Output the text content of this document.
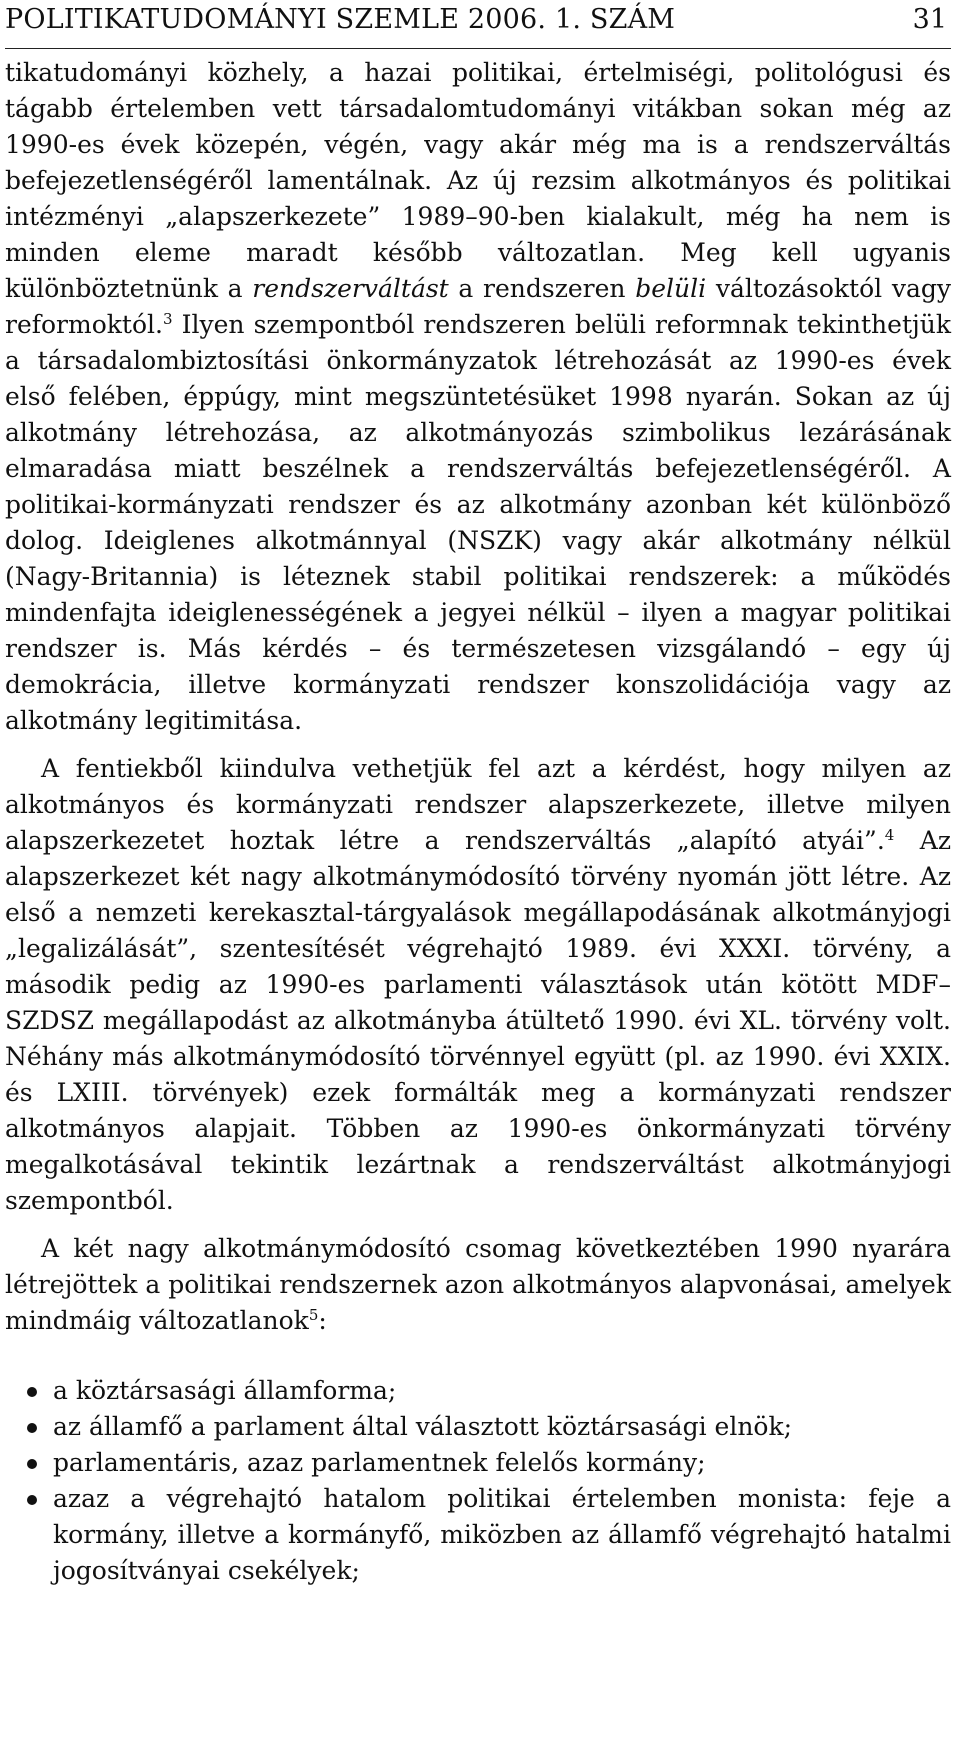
POLITIKATUDOMÁNYI SZEMLE 2006. 1. SZÁM	31

tikatudományi közhely, a hazai politikai, értelmiségi, politológusi és tágabb értelemben vett társadalomtudományi vitákban sokan még az 1990-es évek közepén, végén, vagy akár még ma is a rendszerváltás befejezetlenségéről lamentálnak. Az új rezsim alkotmányos és politikai intézményi „alapszerkezete” 1989–90-ben kialakult, még ha nem is minden eleme maradt később változatlan. Meg kell ugyanis különböztetnünk a rendszerváltást a rendszeren belüli változásoktól vagy reformoktól.$^3$ Ilyen szempontból rendszeren belüli reformnak tekinthetjük a társadalombiztosítási önkormányzatok létrehozását az 1990-es évek első felében, éppúgy, mint megszüntetésüket 1998 nyarán. Sokan az új alkotmány létrehozása, az alkotmányozás szimbolikus lezárásának elmaradása miatt beszélnek a rendszerváltás befejezetlenségéről. A politikai-kormányzati rendszer és az alkotmány azonban két különböző dolog. Ideiglenes alkotmánnyal (NSZK) vagy akár alkotmány nélkül (Nagy-Britannia) is léteznek stabil politikai rendszerek: a működés mindenfajta ideiglenességének a jegyei nélkül – ilyen a magyar politikai rendszer is. Más kérdés – és természetesen vizsgálandó – egy új demokrácia, illetve kormányzati rendszer konszolidációja vagy az alkotmány legitimitása.

A fentiekből kiindulva vethetjük fel azt a kérdést, hogy milyen az alkotmányos és kormányzati rendszer alapszerkezete, illetve milyen alapszerkezetet hoztak létre a rendszerváltás „alapító atyái”.$^4$ Az alapszerkezet két nagy alkotmánymódosító törvény nyomán jött létre. Az első a nemzeti kerekasztal-tárgyalások megállapodásának alkotmányjogi „legalizálását”, szentesítését végrehajtó 1989. évi XXXI. törvény, a második pedig az 1990-es parlamenti választások után kötött MDF–SZDSZ megállapodást az alkotmányba átültető 1990. évi XL. törvény volt. Néhány más alkotmánymódosító törvénnyel együtt (pl. az 1990. évi XXIX. és LXIII. törvények) ezek formálták meg a kormányzati rendszer alkotmányos alapjait. Többen az 1990-es önkormányzati törvény megalkotásával tekintik lezártnak a rendszerváltást alkotmányjogi szempontból.

A két nagy alkotmánymódosító csomag következtében 1990 nyarára létrejöttek a politikai rendszernek azon alkotmányos alapvonásai, amelyek mindmáig változatlanok$^5$:

a köztársasági államforma;
az államfő a parlament által választott köztársasági elnök;
parlamentáris, azaz parlamentnek felelős kormány;
azaz a végrehajtó hatalom politikai értelemben monista: feje a kormány, illetve a kormányfő, miközben az államfő végrehajtó hatalmi jogosítványai csekélyek;
